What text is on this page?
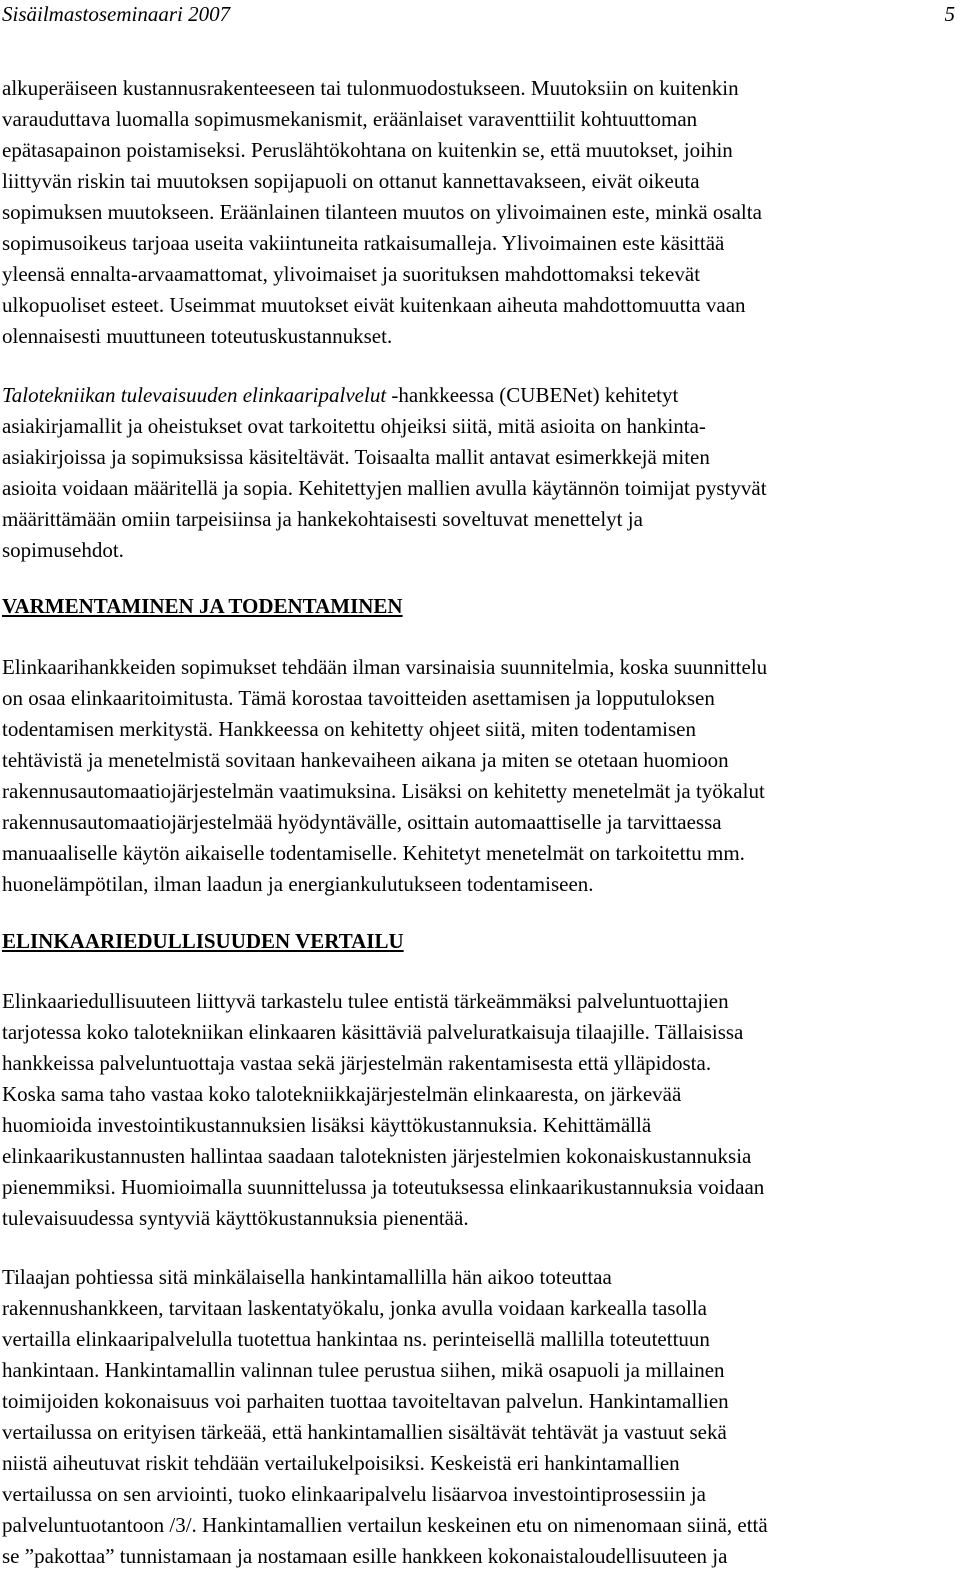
Sisäilmastoseminaari 2007	5
alkuperäiseen kustannusrakenteeseen tai tulonmuodostukseen. Muutoksiin on kuitenkin
varauduttava luomalla sopimusmekanismit, eräänlaiset varaventtiilit kohtuuttoman
epätasapainon poistamiseksi. Peruslähtökohtana on kuitenkin se, että muutokset, joihin
liittyvän riskin tai muutoksen sopijapuoli on ottanut kannettavakseen, eivät oikeuta
sopimuksen muutokseen. Eräänlainen tilanteen muutos on ylivoimainen este, minkä osalta
sopimusoikeus tarjoaa useita vakiintuneita ratkaisumalleja. Ylivoimainen este käsittää
yleensä ennalta-arvaamattomat, ylivoimaiset ja suorituksen mahdottomaksi tekevät
ulkopuoliset esteet. Useimmat muutokset eivät kuitenkaan aiheuta mahdottomuutta vaan
olennaisesti muuttuneen toteutuskustannukset.
Talotekniikan tulevaisuuden elinkaaripalvelut -hankkeessa (CUBENet) kehitetyt
asiakirjamallit ja oheistukset ovat tarkoitettu ohjeiksi siitä, mitä asioita on hankinta-
asiakirjoissa ja sopimuksissa käsiteltävät. Toisaalta mallit antavat esimerkkejä miten
asioita voidaan määritellä ja sopia. Kehitettyjen mallien avulla käytännön toimijat pystyvät
määrittämään omiin tarpeisiinsa ja hankekohtaisesti soveltuvat menettelyt ja
sopimusehdot.
VARMENTAMINEN JA TODENTAMINEN
Elinkaarihankkeiden sopimukset tehdään ilman varsinaisia suunnitelmia, koska suunnittelu
on osaa elinkaaritoimitusta. Tämä korostaa tavoitteiden asettamisen ja lopputuloksen
todentamisen merkitystä. Hankkeessa on kehitetty ohjeet siitä, miten todentamisen
tehtävistä ja menetelmistä sovitaan hankevaiheen aikana ja miten se otetaan huomioon
rakennusautomaatiojärjestelmän vaatimuksina. Lisäksi on kehitetty menetelmät ja työkalut
rakennusautomaatiojärjestelmää hyödyntävälle, osittain automaattiselle ja tarvittaessa
manuaaliselle käytön aikaiselle todentamiselle. Kehitetyt menetelmät on tarkoitettu mm.
huonelämpötilan, ilman laadun ja energiankulutukseen todentamiseen.
ELINKAARIEDULLISUUDEN VERTAILU
Elinkaariedullisuuteen liittyvä tarkastelu tulee entistä tärkeämmäksi palveluntuottajien
tarjotessa koko talotekniikan elinkaaren käsittäviä palveluratkaisuja tilaajille. Tällaisissa
hankkeissa palveluntuottaja vastaa sekä järjestelmän rakentamisesta että ylläpidosta.
Koska sama taho vastaa koko talotekniikkajärjestelmän elinkaaresta, on järkevää
huomioida investointikustannuksien lisäksi käyttökustannuksia. Kehittämällä
elinkaarikustannusten hallintaa saadaan taloteknisten järjestelmien kokonaiskustannuksia
pienemmiksi. Huomioimalla suunnittelussa ja toteutuksessa elinkaarikustannuksia voidaan
tulevaisuudessa syntyviä käyttökustannuksia pienentää.
Tilaajan pohtiessa sitä minkälaisella hankintamallilla hän aikoo toteuttaa
rakennushankkeen, tarvitaan laskentatyökalu, jonka avulla voidaan karkealla tasolla
vertailla elinkaaripalvelulla tuotettua hankintaa ns. perinteisellä mallilla toteutettuun
hankintaan. Hankintamallin valinnan tulee perustua siihen, mikä osapuoli ja millainen
toimijoiden kokonaisuus voi parhaiten tuottaa tavoiteltavan palvelun. Hankintamallien
vertailussa on erityisen tärkeää, että hankintamallien sisältävät tehtävät ja vastuut sekä
niistä aiheutuvat riskit tehdään vertailukelpoisiksi. Keskeistä eri hankintamallien
vertailussa on sen arviointi, tuoko elinkaaripalvelu lisäarvoa investointiprosessiin ja
palveluntuotantoon /3/. Hankintamallien vertailun keskeinen etu on nimenomaan siinä, että
se ”pakottaa” tunnistamaan ja nostamaan esille hankkeen kokonaistaloudellisuuteen ja
